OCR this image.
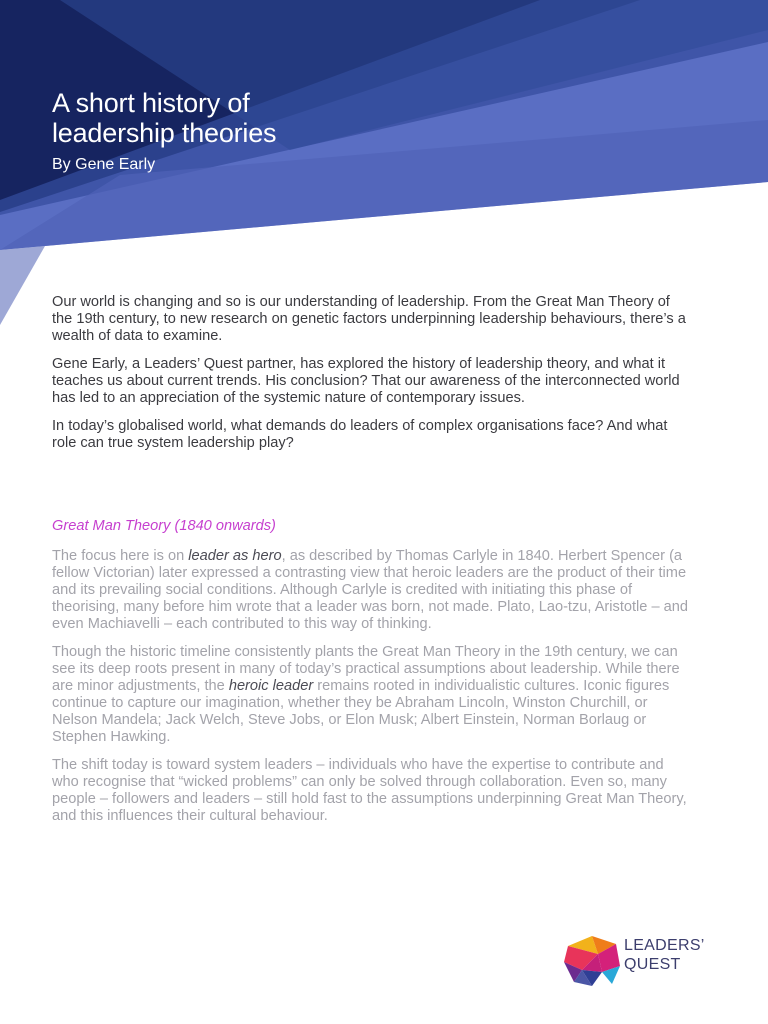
A short history of
leadership theories
By Gene Early

Our world is changing and so is our understanding of leadership. From the Great Man Theory of the 19th century, to new research on genetic factors underpinning leadership behaviours, there’s a wealth of data to examine.

Gene Early, a Leaders’ Quest partner, has explored the history of leadership theory, and what it teaches us about current trends. His conclusion? That our awareness of the interconnected world has led to an appreciation of the systemic nature of contemporary issues.

In today’s globalised world, what demands do leaders of complex organisations face? And what role can true system leadership play?

Great Man Theory (1840 onwards)

The focus here is on leader as hero, as described by Thomas Carlyle in 1840. Herbert Spencer (a fellow Victorian) later expressed a contrasting view that heroic leaders are the product of their time and its prevailing social conditions. Although Carlyle is credited with initiating this phase of theorising, many before him wrote that a leader was born, not made. Plato, Lao-tzu, Aristotle – and even Machiavelli – each contributed to this way of thinking.

Though the historic timeline consistently plants the Great Man Theory in the 19th century, we can see its deep roots present in many of today’s practical assumptions about leadership. While there are minor adjustments, the heroic leader remains rooted in individualistic cultures. Iconic figures continue to capture our imagination, whether they be Abraham Lincoln, Winston Churchill, or Nelson Mandela; Jack Welch, Steve Jobs, or Elon Musk; Albert Einstein, Norman Borlaug or Stephen Hawking.

The shift today is toward system leaders – individuals who have the expertise to contribute and who recognise that “wicked problems” can only be solved through collaboration. Even so, many people – followers and leaders – still hold fast to the assumptions underpinning Great Man Theory, and this influences their cultural behaviour.

LEADERS’
QUEST
